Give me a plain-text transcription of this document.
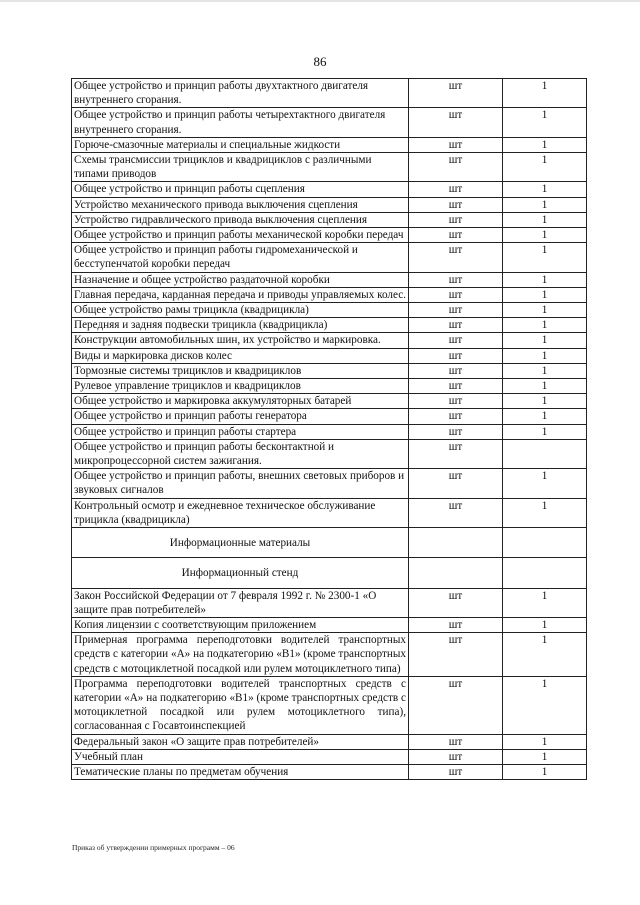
86
Общее устройство и принцип работы двухтактного двигателя внутреннего сгорания.	шт	1
Общее устройство и принцип работы четырехтактного двигателя внутреннего сгорания.	шт	1
Горюче-смазочные материалы и специальные жидкости	шт	1
Схемы трансмиссии трициклов и квадрициклов с различными типами приводов	шт	1
Общее устройство и принцип работы сцепления	шт	1
Устройство механического привода выключения сцепления	шт	1
Устройство гидравлического привода выключения сцепления	шт	1
Общее устройство и принцип работы механической коробки передач	шт	1
Общее устройство и принцип работы гидромеханической и бесступенчатой коробки передач	шт	1
Назначение и общее устройство раздаточной коробки	шт	1
Главная передача, карданная передача и приводы управляемых колес.	шт	1
Общее устройство рамы трицикла (квадрицикла)	шт	1
Передняя и задняя подвески трицикла (квадрицикла)	шт	1
Конструкции автомобильных шин, их устройство и маркировка.	шт	1
Виды и маркировка дисков колес	шт	1
Тормозные системы трициклов и квадрициклов	шт	1
Рулевое управление трициклов и квадрициклов	шт	1
Общее устройство и маркировка аккумуляторных батарей	шт	1
Общее устройство и принцип работы генератора	шт	1
Общее устройство и принцип работы стартера	шт	1
Общее устройство и принцип работы бесконтактной и микропроцессорной систем зажигания.	шт	
Общее устройство и принцип работы, внешних световых приборов и звуковых сигналов	шт	1
Контрольный осмотр и ежедневное техническое обслуживание трицикла (квадрицикла)	шт	1
Информационные материалы		
Информационный стенд		
Закон Российской Федерации от 7 февраля 1992 г. № 2300-1 «О защите прав потребителей»	шт	1
Копия лицензии с соответствующим приложением	шт	1
Примерная программа переподготовки водителей транспортных средств с категории «А» на подкатегорию «В1» (кроме транспортных средств с мотоциклетной посадкой или рулем мотоциклетного типа)	шт	1
Программа переподготовки водителей транспортных средств с категории «А» на подкатегорию «В1» (кроме транспортных средств с мотоциклетной посадкой или рулем мотоциклетного типа), согласованная с Госавтоинспекцией	шт	1
Федеральный закон «О защите прав потребителей»	шт	1
Учебный план	шт	1
Тематические планы по предметам обучения	шт	1
Приказ об утверждении примерных программ – 06
